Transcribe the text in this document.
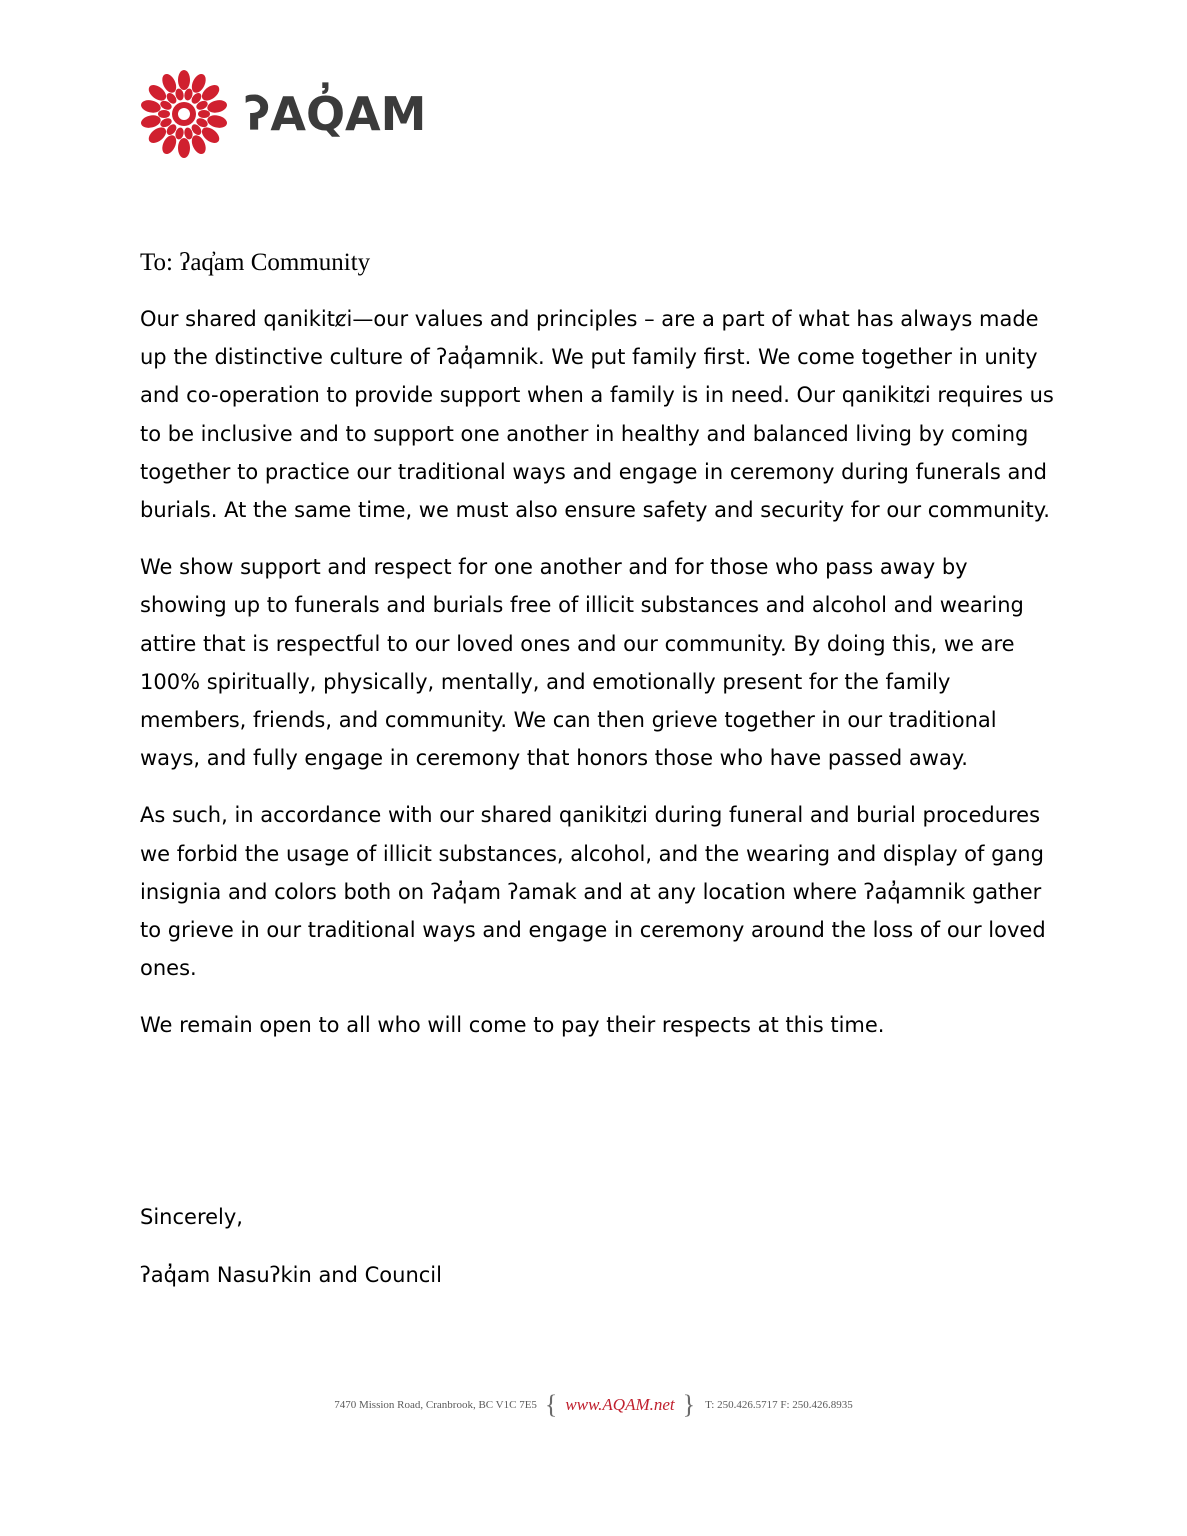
ʔAQ̓AM

To: ʔaq̓am Community

Our shared qanikitȼi—our values and principles – are a part of what has always made up the distinctive culture of ʔaq̓amnik. We put family first. We come together in unity and co-operation to provide support when a family is in need. Our qanikitȼi requires us to be inclusive and to support one another in healthy and balanced living by coming together to practice our traditional ways and engage in ceremony during funerals and burials. At the same time, we must also ensure safety and security for our community.

We show support and respect for one another and for those who pass away by showing up to funerals and burials free of illicit substances and alcohol and wearing attire that is respectful to our loved ones and our community. By doing this, we are 100% spiritually, physically, mentally, and emotionally present for the family members, friends, and community. We can then grieve together in our traditional ways, and fully engage in ceremony that honors those who have passed away.

As such, in accordance with our shared qanikitȼi during funeral and burial procedures we forbid the usage of illicit substances, alcohol, and the wearing and display of gang insignia and colors both on ʔaq̓am ʔamak and at any location where ʔaq̓amnik gather to grieve in our traditional ways and engage in ceremony around the loss of our loved ones.

We remain open to all who will come to pay their respects at this time.

Sincerely,

ʔaq̓am Nasuʔkin and Council

7470 Mission Road, Cranbrook, BC V1C 7E5 { www.AQAM.net } T: 250.426.5717 F: 250.426.8935
